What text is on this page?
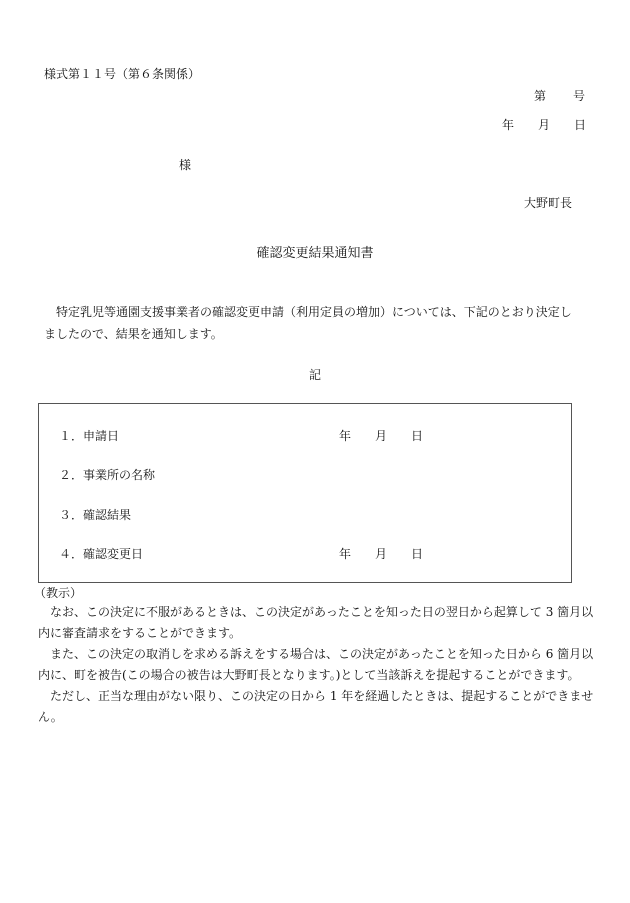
様式第１１号（第６条関係）
第　　号
年　　月　　日
様
大野町長
確認変更結果通知書
特定乳児等通園支援事業者の確認変更申請（利用定員の増加）については、下記のとおり決定し
ましたので、結果を通知します。
記
１．申請日	年　　月　　日
２．事業所の名称
３．確認結果
４．確認変更日	年　　月　　日
（教示）
なお、この決定に不服があるときは、この決定があったことを知った日の翌日から起算して 3 箇月以
内に審査請求をすることができます。
また、この決定の取消しを求める訴えをする場合は、この決定があったことを知った日から 6 箇月以
内に、町を被告(この場合の被告は大野町長となります。)として当該訴えを提起することができます。
ただし、正当な理由がない限り、この決定の日から 1 年を経過したときは、提起することができませ
ん。
